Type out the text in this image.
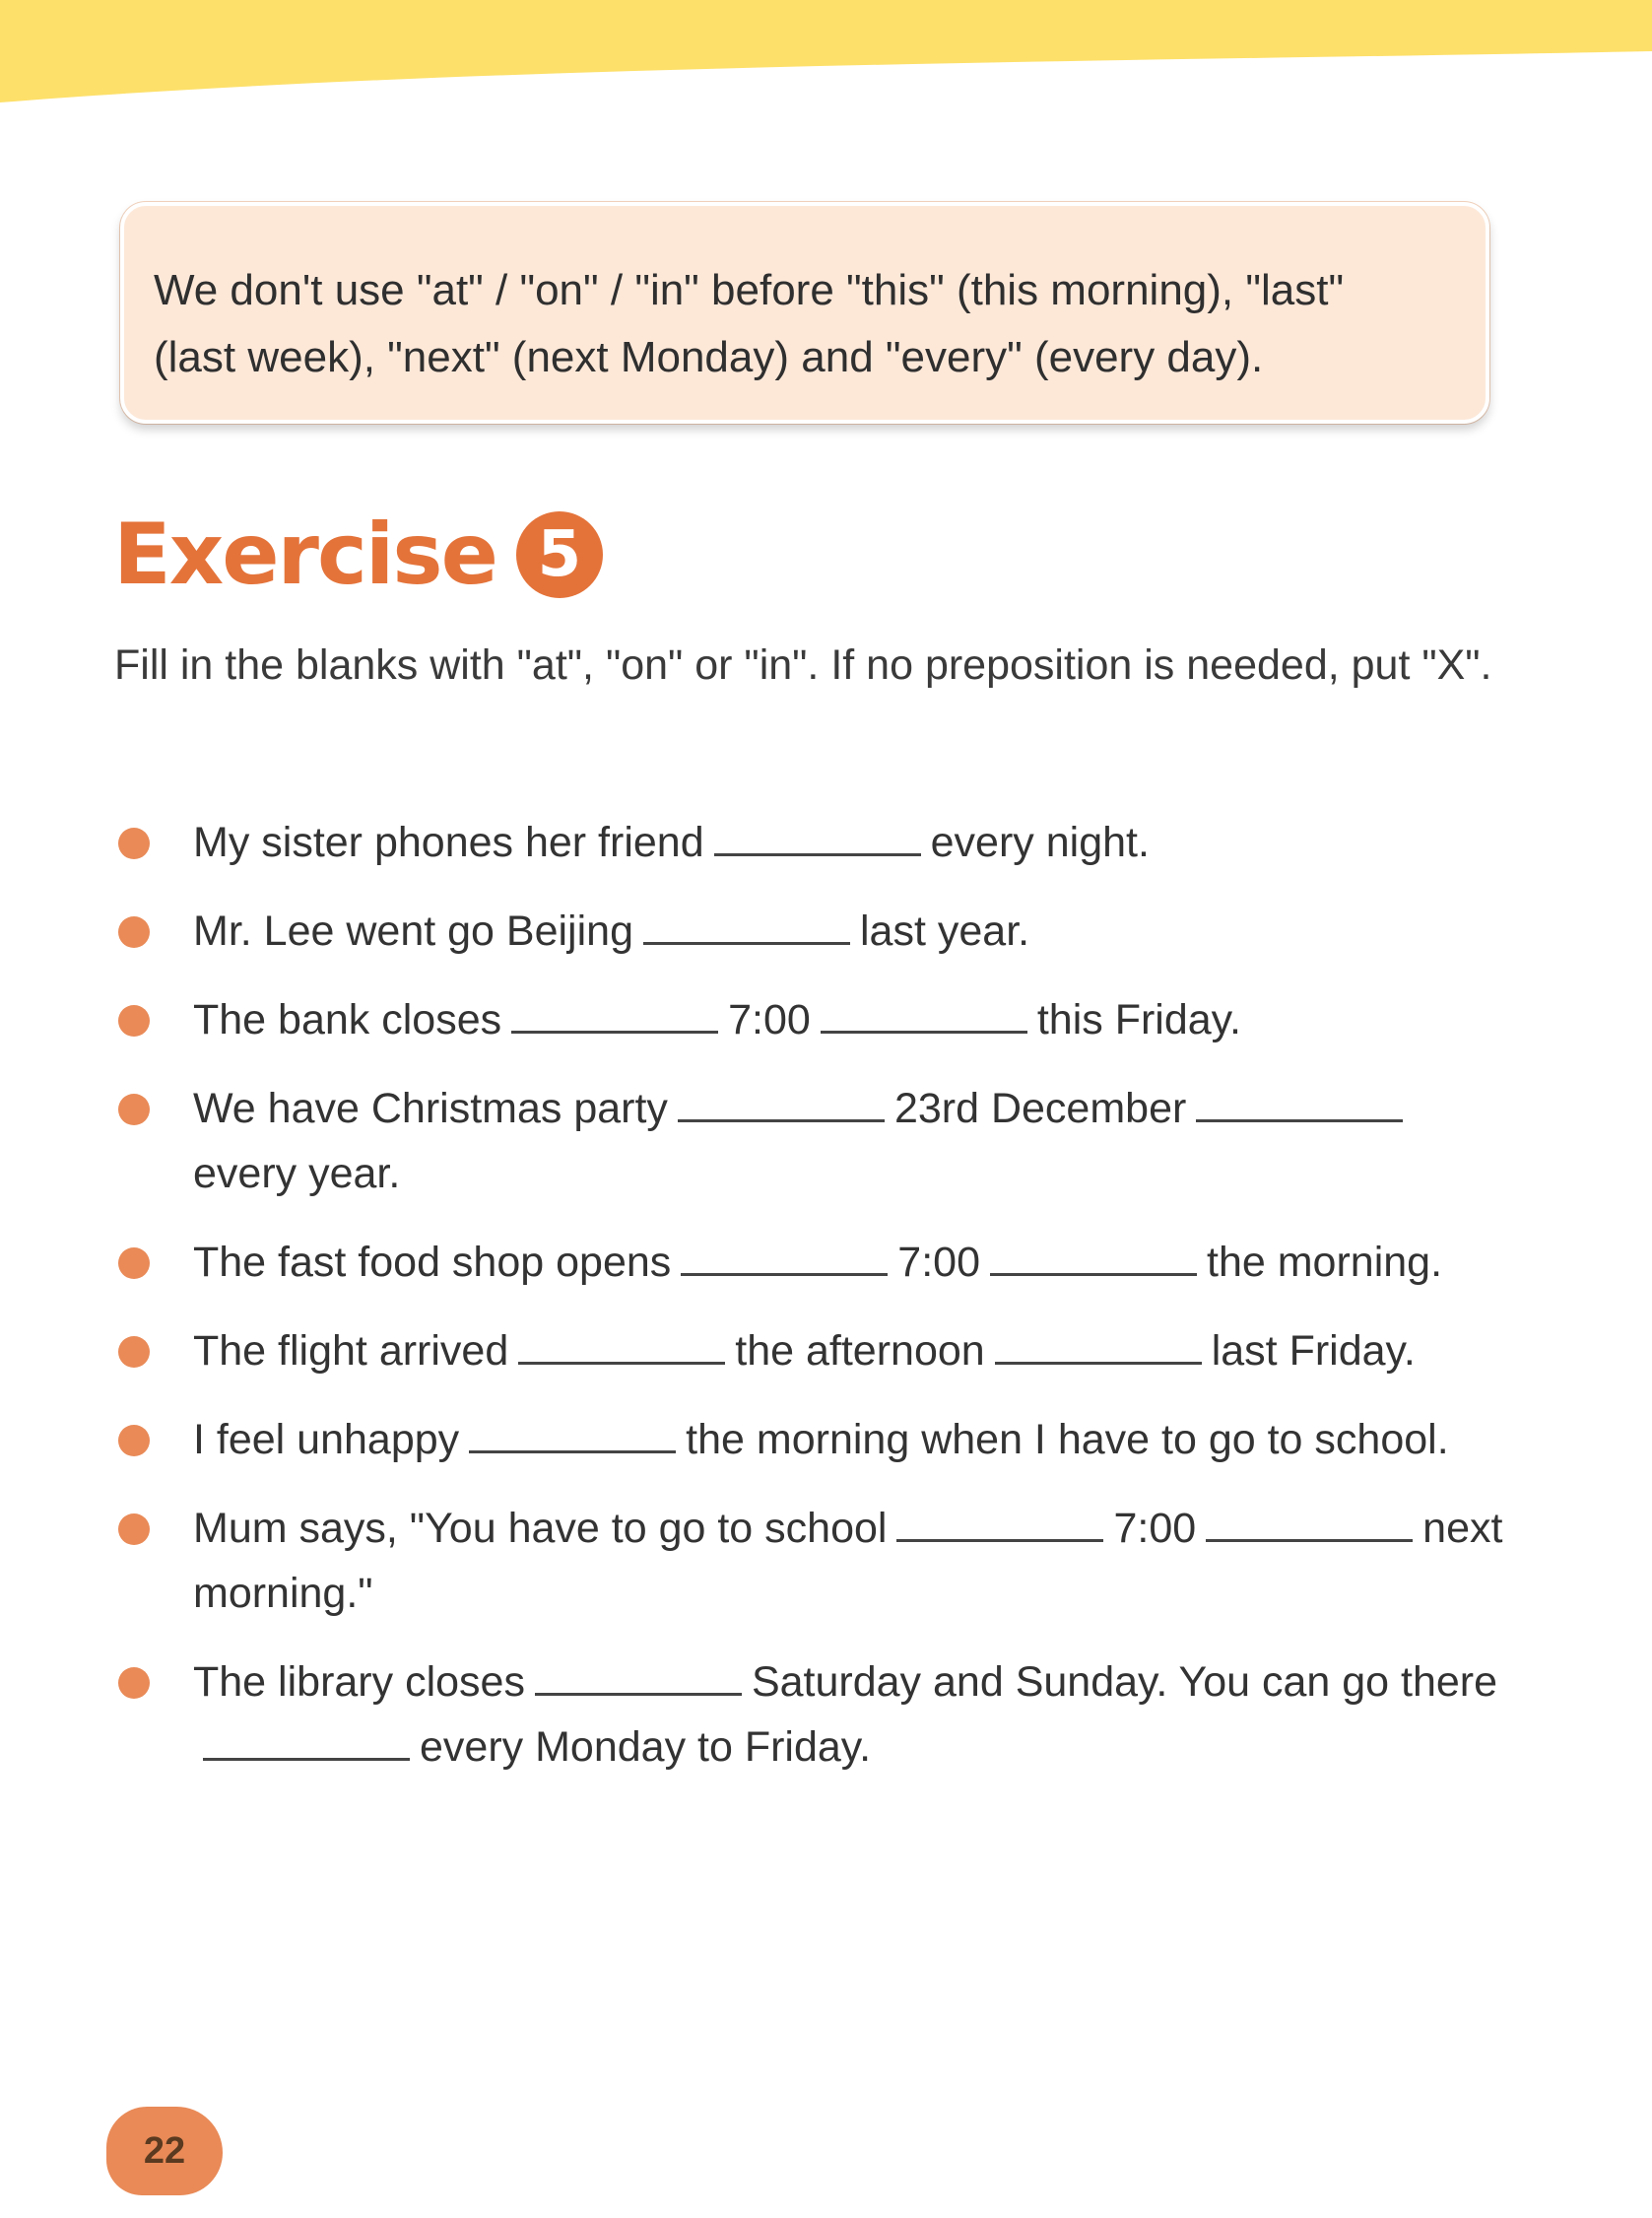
We don't use "at" / "on" / "in" before "this" (this morning), "last"
(last week), "next" (next Monday) and "every" (every day).
Exercise 5
Fill in the blanks with "at", "on" or "in". If no preposition is needed, put "X".
My sister phones her friend	every night.
Mr. Lee went go Beijing	last year.
The bank closes	7:00	this Friday.
We have Christmas party	23rd Decemberevery year.
The fast food shop opens	7:00	the morning.
The flight arrived	the afternoon	last Friday.
I feel unhappy	the morning when I have to go to school.
Mum says, "You have to go to school	7:00	next morning."
The library closes	Saturday and Sunday. You can go thereevery Monday to Friday.
22
